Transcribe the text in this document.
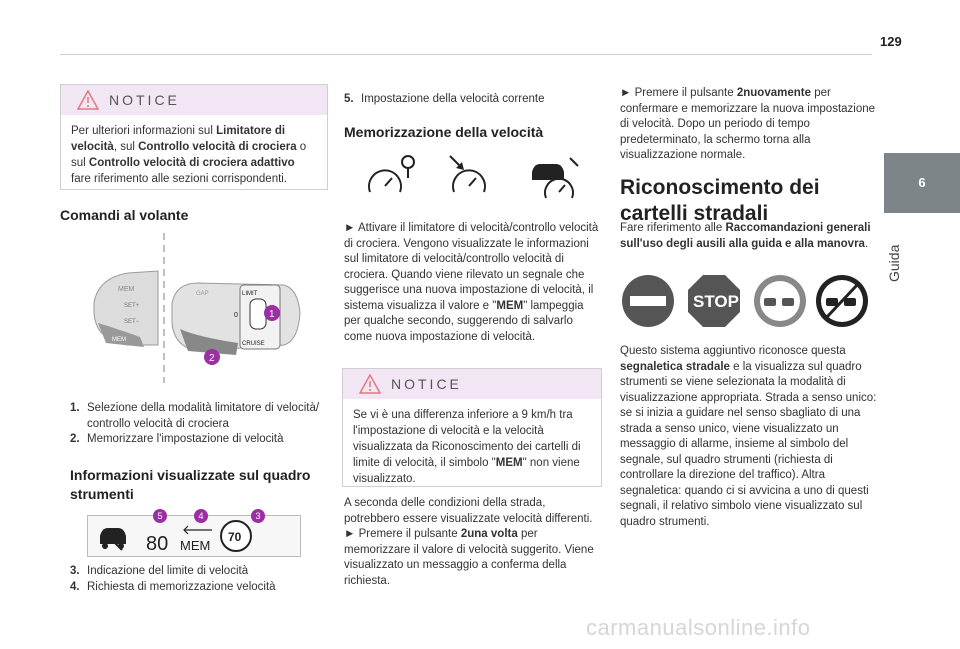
129
6
Guida
NOTICE
Per ulteriori informazioni sul Limitatore di velocità, sul Controllo velocità di crociera o sul Controllo velocità di crociera adattivo fare riferimento alle sezioni corrispondenti.
Comandi al volante
MEM
SET+
SET−
MEM
LIMIT
0
CRUISE
GAP
1
2
1. Selezione della modalità limitatore di velocità/ controllo velocità di crociera
2. Memorizzare l'impostazione di velocità
Informazioni visualizzate sul quadro strumenti
80 MEM
70
5	4	3
3. Indicazione del limite di velocità
4. Richiesta di memorizzazione velocità
5. Impostazione della velocità corrente
Memorizzazione della velocità
► Attivare il limitatore di velocità/controllo velocità di crociera. Vengono visualizzate le informazioni sul limitatore di velocità/controllo velocità di crociera. Quando viene rilevato un segnale che suggerisce una nuova impostazione di velocità, il sistema visualizza il valore e "MEM" lampeggia per qualche secondo, suggerendo di salvarlo come nuova impostazione di velocità.
NOTICE
Se vi è una differenza inferiore a 9 km/h tra l'impostazione di velocità e la velocità visualizzata da Riconoscimento dei cartelli di limite di velocità, il simbolo "MEM" non viene visualizzato.
A seconda delle condizioni della strada, potrebbero essere visualizzate velocità differenti.
► Premere il pulsante 2una volta per memorizzare il valore di velocità suggerito. Viene visualizzato un messaggio a conferma della richiesta.
► Premere il pulsante 2nuovamente per confermare e memorizzare la nuova impostazione di velocità. Dopo un periodo di tempo predeterminato, la schermo torna alla visualizzazione normale.
Riconoscimento dei cartelli stradali
Fare riferimento alle Raccomandazioni generali sull'uso degli ausili alla guida e alla manovra.
STOP
Questo sistema aggiuntivo riconosce questa segnaletica stradale e la visualizza sul quadro strumenti se viene selezionata la modalità di visualizzazione appropriata. Strada a senso unico: se si inizia a guidare nel senso sbagliato di una strada a senso unico, viene visualizzato un messaggio di allarme, insieme al simbolo del segnale, sul quadro strumenti (richiesta di controllare la direzione del traffico). Altra segnaletica: quando ci si avvicina a uno di questi segnali, il relativo simbolo viene visualizzato sul quadro strumenti.
carmanualsonline.info
